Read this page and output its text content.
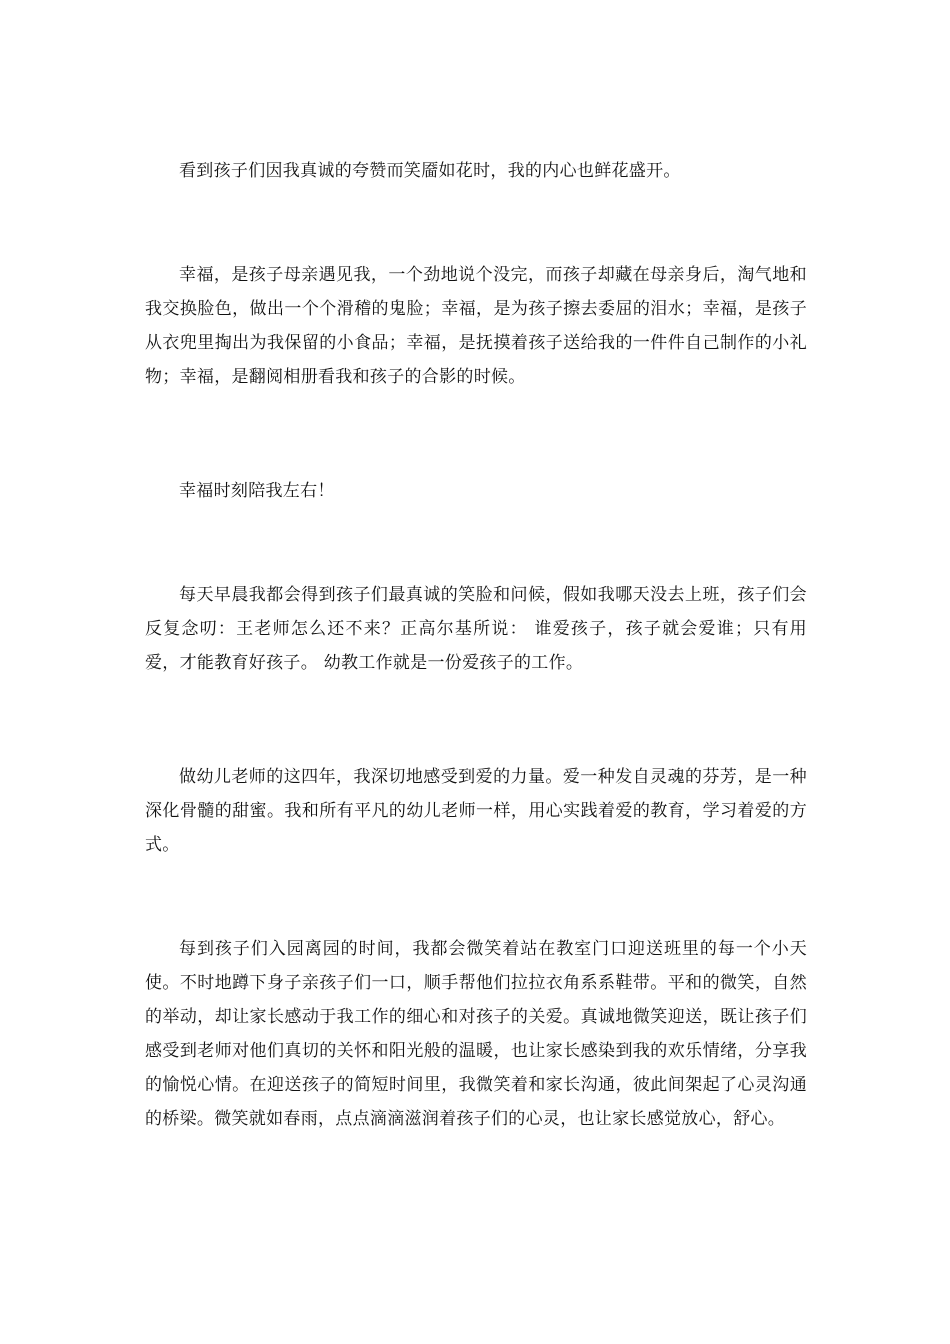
看到孩子们因我真诚的夸赞而笑靥如花时，我的内心也鲜花盛开。

幸福，是孩子母亲遇见我，一个劲地说个没完，而孩子却藏在母亲身后，淘气地和我交换脸色，做出一个个滑稽的鬼脸；幸福，是为孩子擦去委屈的泪水；幸福，是孩子从衣兜里掏出为我保留的小食品；幸福，是抚摸着孩子送给我的一件件自己制作的小礼物；幸福，是翻阅相册看我和孩子的合影的时候。

幸福时刻陪我左右！

每天早晨我都会得到孩子们最真诚的笑脸和问候，假如我哪天没去上班，孩子们会反复念叨：王老师怎么还不来？正高尔基所说： 谁爱孩子，孩子就会爱谁；只有用爱，才能教育好孩子。 幼教工作就是一份爱孩子的工作。

做幼儿老师的这四年，我深切地感受到爱的力量。爱一种发自灵魂的芬芳，是一种深化骨髓的甜蜜。我和所有平凡的幼儿老师一样，用心实践着爱的教育，学习着爱的方式。

每到孩子们入园离园的时间，我都会微笑着站在教室门口迎送班里的每一个小天使。不时地蹲下身子亲孩子们一口，顺手帮他们拉拉衣角系系鞋带。平和的微笑，自然的举动，却让家长感动于我工作的细心和对孩子的关爱。真诚地微笑迎送，既让孩子们感受到老师对他们真切的关怀和阳光般的温暖，也让家长感染到我的欢乐情绪，分享我的愉悦心情。在迎送孩子的简短时间里，我微笑着和家长沟通，彼此间架起了心灵沟通的桥梁。微笑就如春雨，点点滴滴滋润着孩子们的心灵，也让家长感觉放心，舒心。
